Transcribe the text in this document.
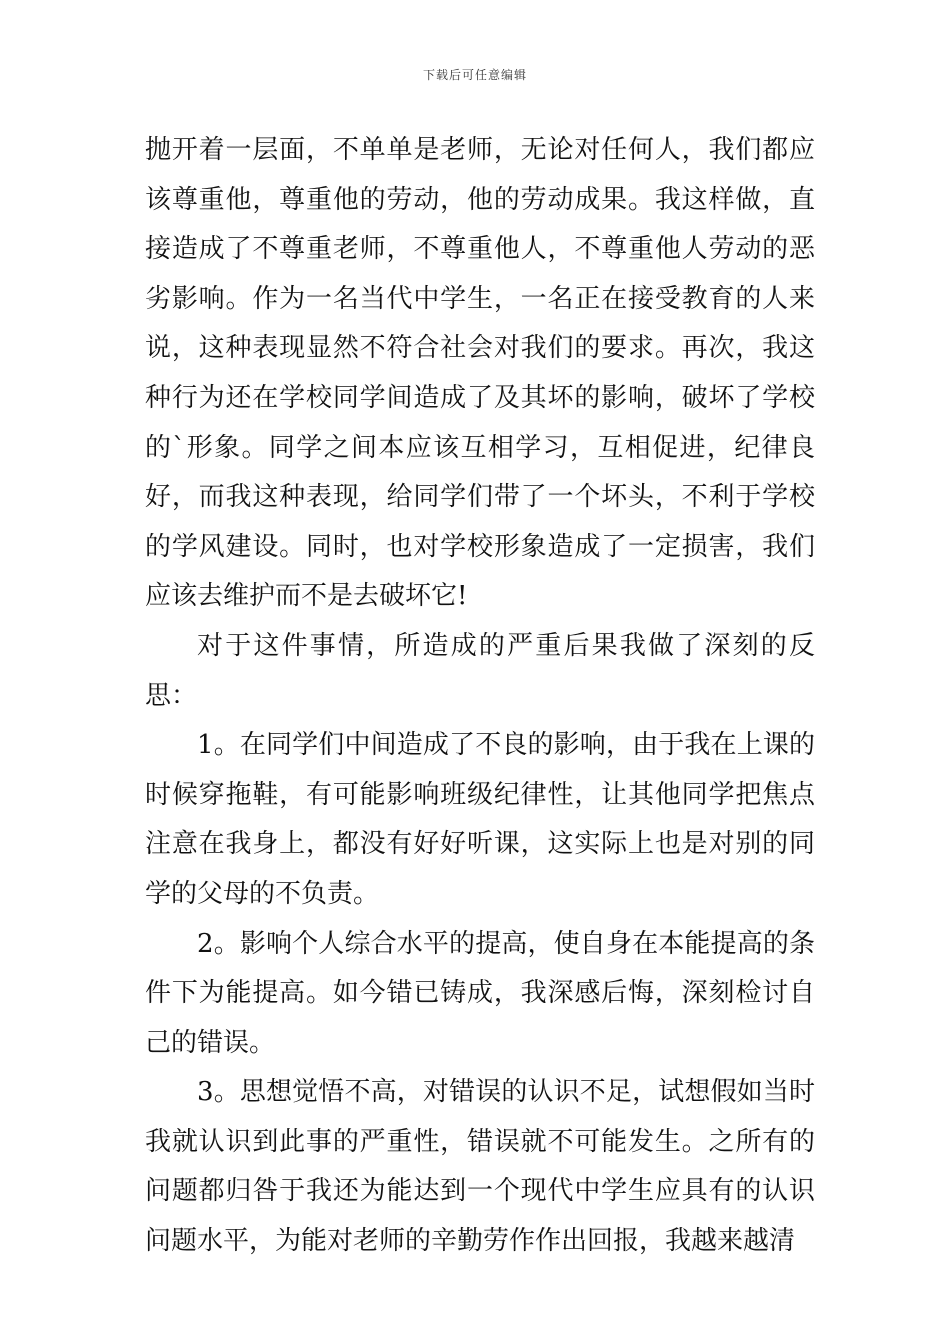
下载后可任意编辑

抛开着一层面，不单单是老师，无论对任何人，我们都应该尊重他，尊重他的劳动，他的劳动成果。我这样做，直接造成了不尊重老师，不尊重他人，不尊重他人劳动的恶劣影响。作为一名当代中学生，一名正在接受教育的人来说，这种表现显然不符合社会对我们的要求。再次，我这种行为还在学校同学间造成了及其坏的影响，破坏了学校的`形象。同学之间本应该互相学习，互相促进，纪律良好，而我这种表现，给同学们带了一个坏头，不利于学校的学风建设。同时，也对学校形象造成了一定损害，我们应该去维护而不是去破坏它!

对于这件事情，所造成的严重后果我做了深刻的反思：

1。在同学们中间造成了不良的影响，由于我在上课的时候穿拖鞋，有可能影响班级纪律性，让其他同学把焦点注意在我身上，都没有好好听课，这实际上也是对别的同学的父母的不负责。

2。影响个人综合水平的提高，使自身在本能提高的条件下为能提高。如今错已铸成，我深感后悔，深刻检讨自己的错误。

3。思想觉悟不高，对错误的认识不足，试想假如当时我就认识到此事的严重性，错误就不可能发生。之所有的问题都归咎于我还为能达到一个现代中学生应具有的认识问题水平，为能对老师的辛勤劳作作出回报，我越来越清
